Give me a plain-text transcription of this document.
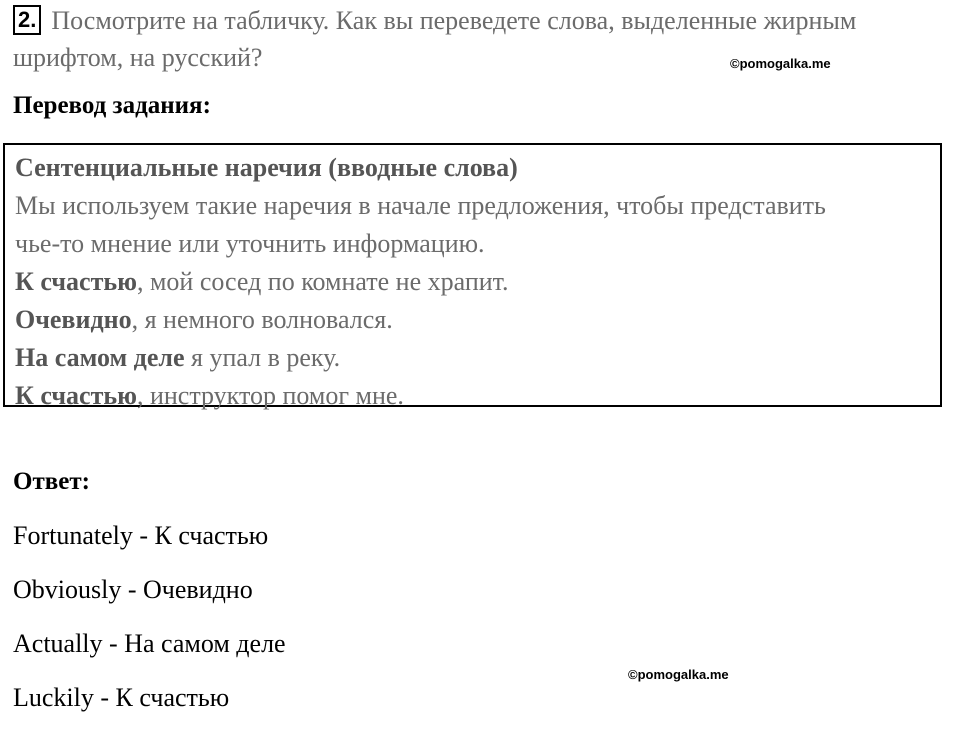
2. Посмотрите на табличку. Как вы переведете слова, выделенные жирным шрифтом, на русский?	©pomogalka.me
Перевод задания:
Сентенциальные наречия (вводные слова)
Мы используем такие наречия в начале предложения, чтобы представить
чье-то мнение или уточнить информацию.
К счастью, мой сосед по комнате не храпит.
Очевидно, я немного волновался.
На самом деле я упал в реку.
К счастью, инструктор помог мне.
Ответ:
Fortunately - К счастью
Obviously - Очевидно
Actually - На самом деле
Luckily - К счастью
©pomogalka.me
